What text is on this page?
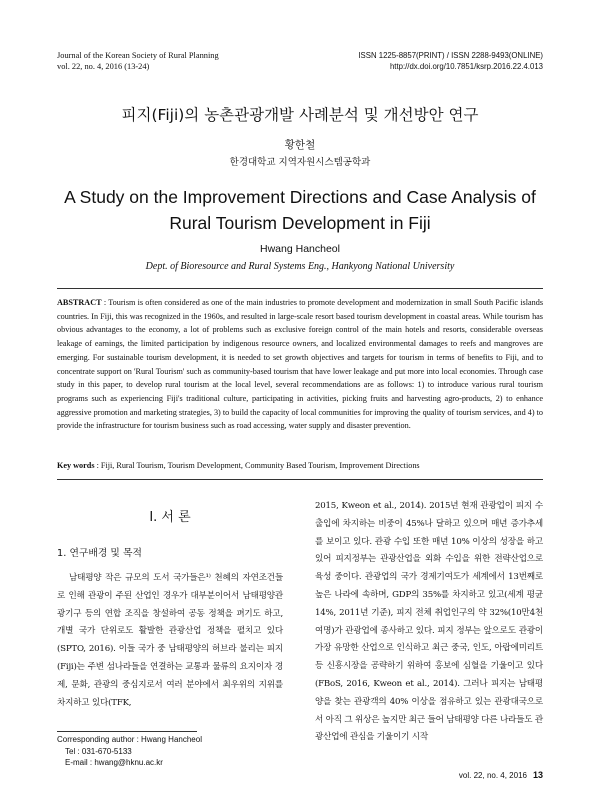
Journal of the Korean Society of Rural Planning
vol. 22, no. 4, 2016 (13-24)
ISSN 1225-8857(PRINT) / ISSN 2288-9493(ONLINE)
http://dx.doi.org/10.7851/ksrp.2016.22.4.013
피지(Fiji)의 농촌관광개발 사례분석 및 개선방안 연구
황한철
한경대학교 지역자원시스템공학과
A Study on the Improvement Directions and Case Analysis of
Rural Tourism Development in Fiji
Hwang Hancheol
Dept. of Bioresource and Rural Systems Eng., Hankyong National University
ABSTRACT : Tourism is often considered as one of the main industries to promote development and modernization in small South Pacific islands countries. In Fiji, this was recognized in the 1960s, and resulted in large-scale resort based tourism development in coastal areas. While tourism has obvious advantages to the economy, a lot of problems such as exclusive foreign control of the main hotels and resorts, considerable overseas leakage of earnings, the limited participation by indigenous resource owners, and localized environmental damages to reefs and mangroves are emerging. For sustainable tourism development, it is needed to set growth objectives and targets for tourism in terms of benefits to Fiji, and to concentrate support on 'Rural Tourism' such as community-based tourism that have lower leakage and put more into local economies. Through case study in this paper, to develop rural tourism at the local level, several recommendations are as follows: 1) to introduce various rural tourism programs such as experiencing Fiji's traditional culture, participating in activities, picking fruits and harvesting agro-products, 2) to enhance aggressive promotion and marketing strategies, 3) to build the capacity of local communities for improving the quality of tourism services, and 4) to provide the infrastructure for tourism business such as road accessing, water supply and disaster prevention.
Key words : Fiji, Rural Tourism, Tourism Development, Community Based Tourism, Improvement Directions
Ⅰ. 서 론
1. 연구배경 및 목적
남태평양 작은 규모의 도서 국가들은¹⁾ 천혜의 자연조건들로 인해 관광이 주된 산업인 경우가 대부분이어서 남태평양관광기구 등의 연합 조직을 창설하여 공동 정책을 펴기도 하고, 개별 국가 단위로도 활발한 관광산업 정책을 펼치고 있다(SPTO, 2016). 이들 국가 중 남태평양의 허브라 불리는 피지(Fiji)는 주변 섬나라들을 연결하는 교통과 물류의 요지이자 경제, 문화, 관광의 중심지로서 여러 분야에서 최우위의 지위를 차지하고 있다(TFK,
2015, Kweon et al., 2014). 2015년 현재 관광업이 피지 수출입에 차지하는 비중이 45%나 달하고 있으며 매년 증가추세를 보이고 있다. 관광 수입 또한 매년 10% 이상의 성장을 하고 있어 피지정부는 관광산업을 외화 수입을 위한 전략산업으로 육성 중이다. 관광업의 국가 경제기여도가 세계에서 13번째로 높은 나라에 속하며, GDP의 35%를 차지하고 있고(세계 평균 14%, 2011년 기준), 피지 전체 취업인구의 약 32%(10만4천여명)가 관광업에 종사하고 있다. 피지 정부는 앞으로도 관광이 가장 유망한 산업으로 인식하고 최근 중국, 인도, 아랍에미리트 등 신흥시장을 공략하기 위하여 홍보에 심혈을 기울이고 있다(FBoS, 2016, Kweon et al., 2014). 그러나 피지는 남태평양을 찾는 관광객의 40% 이상을 점유하고 있는 관광대국으로서 아직 그 위상은 높지만 최근 들어 남태평양 다른 나라들도 관광산업에 관심을 기울이기 시작
Corresponding author : Hwang Hancheol
Tel : 031-670-5133
E-mail : hwang@hknu.ac.kr
vol. 22, no. 4, 2016 13
